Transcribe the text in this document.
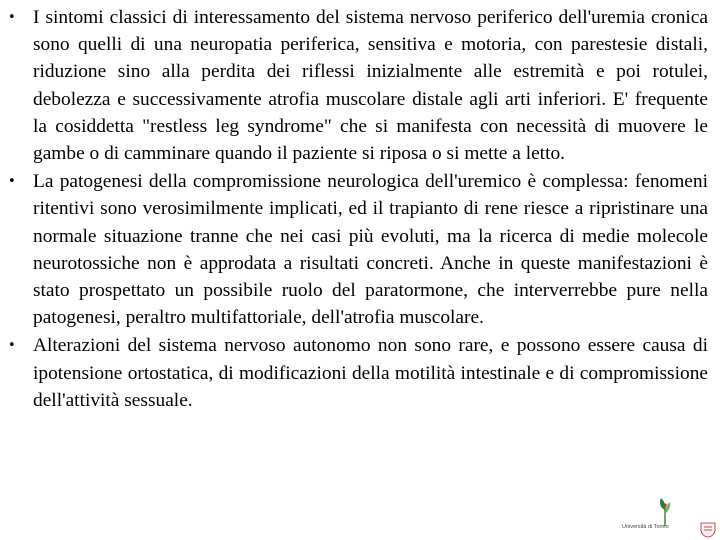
• I sintomi classici di interessamento del sistema nervoso periferico dell'uremia cronica sono quelli di una neuropatia periferica, sensitiva e motoria, con parestesie distali, riduzione sino alla perdita dei riflessi inizialmente alle estremità e poi rotulei, debolezza e successivamente atrofia muscolare distale agli arti inferiori. E' frequente la cosiddetta "restless leg syndrome" che si manifesta con necessità di muovere le gambe o di camminare quando il paziente si riposa o si mette a letto.
• La patogenesi della compromissione neurologica dell'uremico è complessa: fenomeni ritentivi sono verosimilmente implicati, ed il trapianto di rene riesce a ripristinare una normale situazione tranne che nei casi più evoluti, ma la ricerca di medie molecole neurotossiche non è approdata a risultati concreti. Anche in queste manifestazioni è stato prospettato un possibile ruolo del paratormone, che interverrebbe pure nella patogenesi, peraltro multifattoriale, dell'atrofia muscolare.
• Alterazioni del sistema nervoso autonomo non sono rare, e possono essere causa di ipotensione ortostatica, di modificazioni della motilità intestinale e di compromissione dell'attività sessuale.
Università di Torino
